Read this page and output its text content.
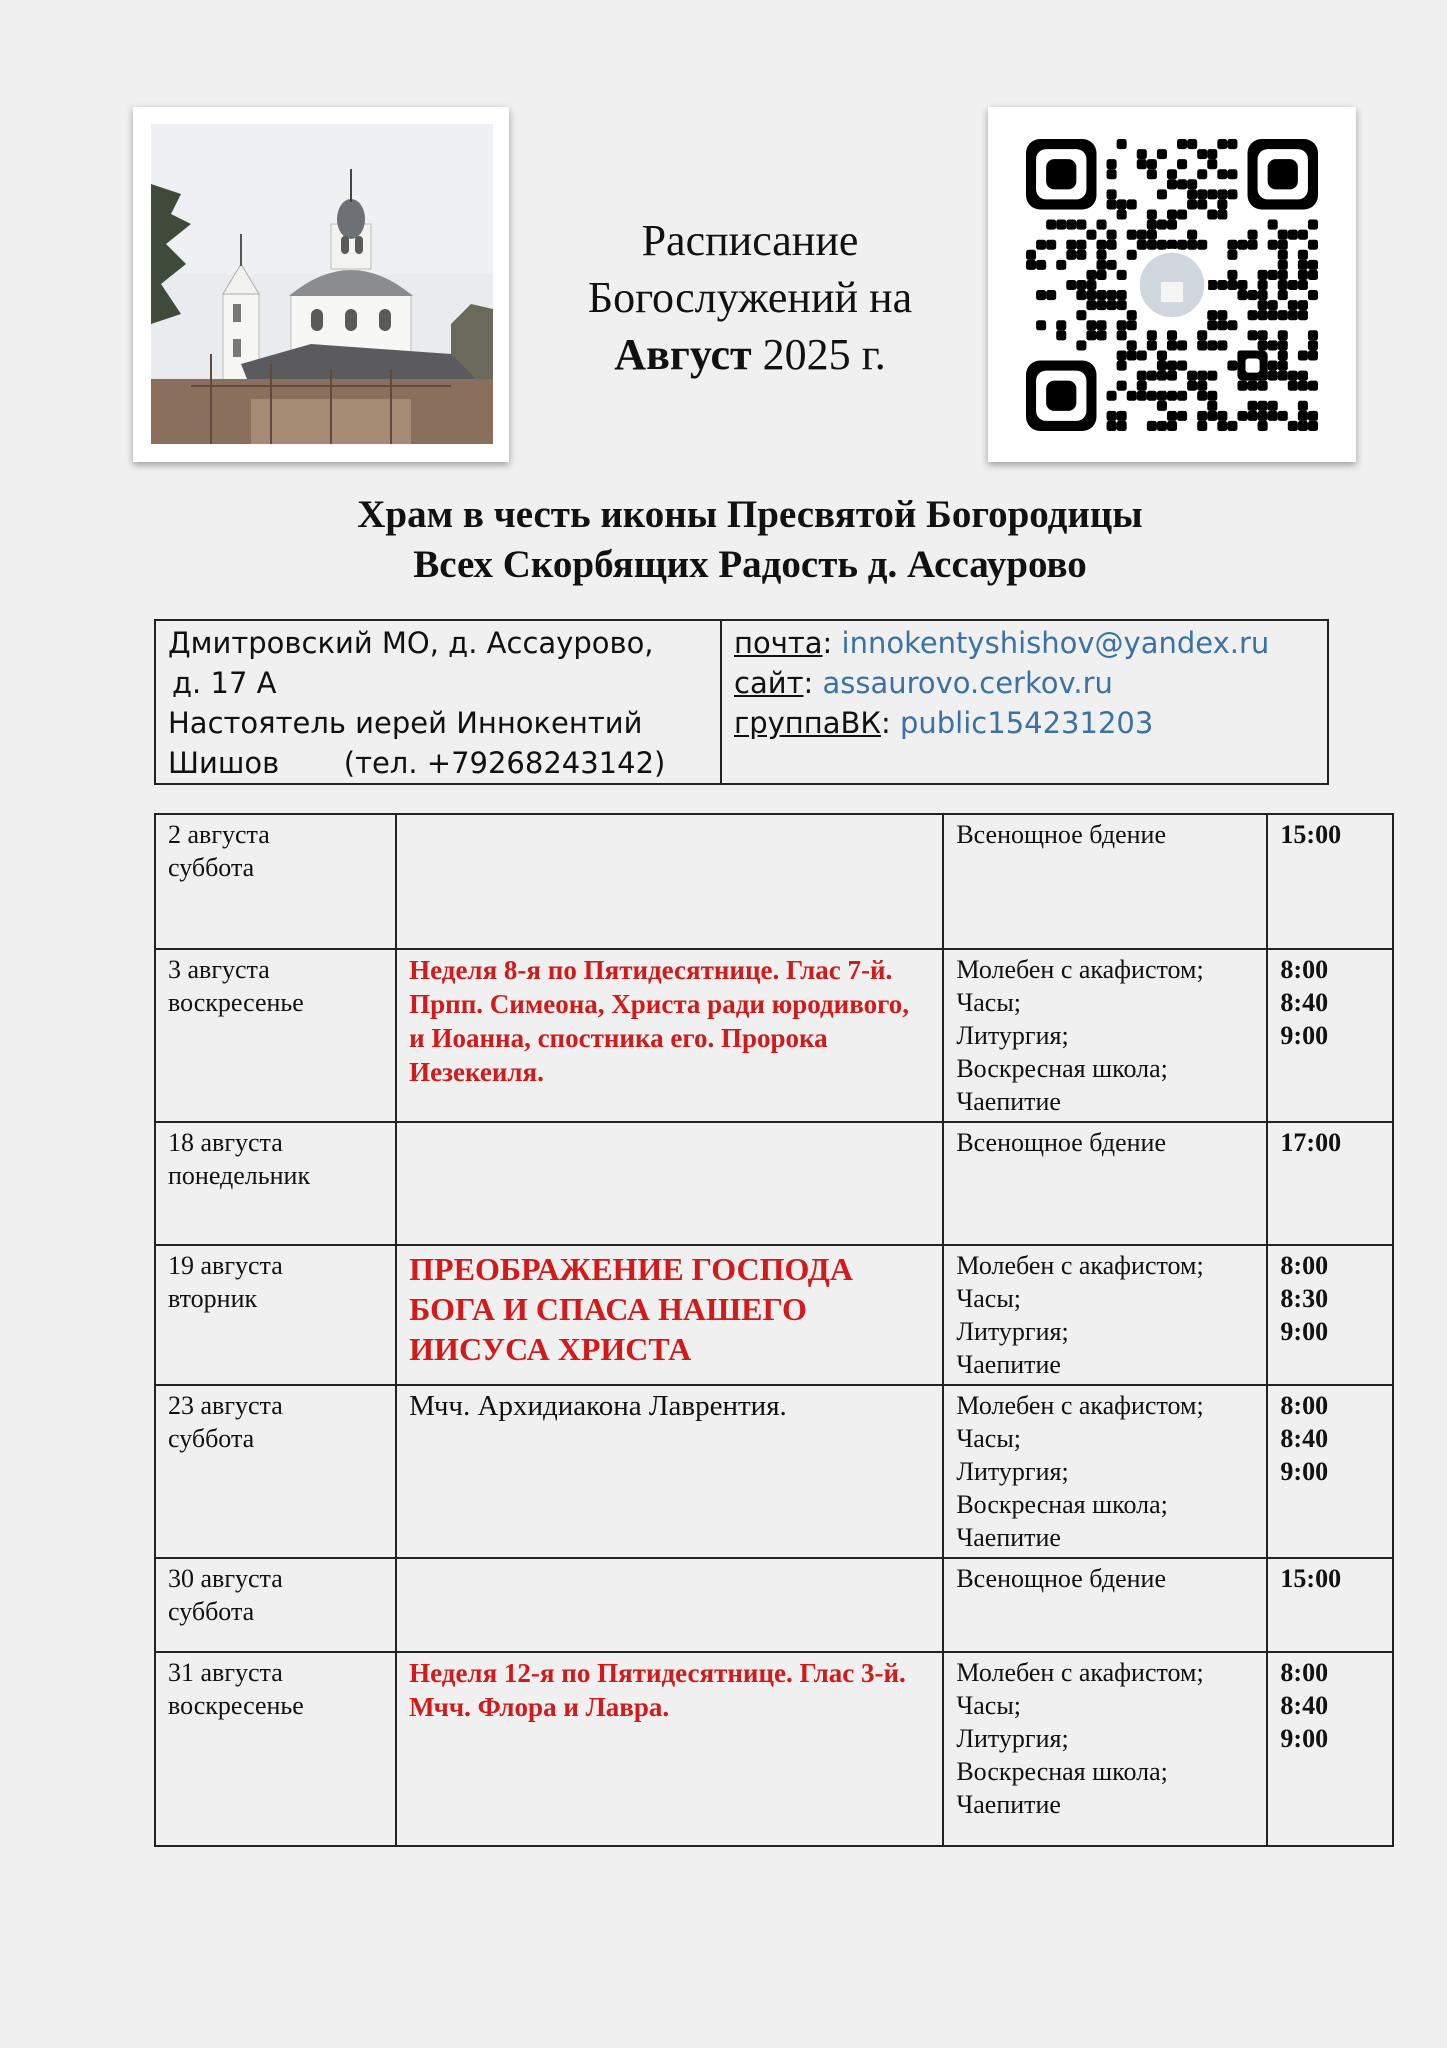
Расписание
Богослужений на
Август 2025 г.
Храм в честь иконы Пресвятой Богородицы
Всех Скорбящих Радость д. Ассаурово
Дмитровский МО, д. Ассаурово,
д. 17 А
Настоятель иерей Иннокентий
Шишов       (тел. +79268243142)

почта: innokentyshishov@yandex.ru
сайт: assaurovo.cerkov.ru
группаВК: public154231203
2 августа
суббота		Всенощное бдение	15:00

3 августа
воскресенье	Неделя 8-я по Пятидесятнице. Глас 7-й. Прпп. Симеона, Христа ради юродивого, и Иоанна, спостника его. Пророка Иезекеиля.	Молебен с акафистом;
Часы;
Литургия;
Воскресная школа;
Чаепитие	8:00
8:40
9:00

18 августа
понедельник		Всенощное бдение	17:00

19 августа
вторник	ПРЕОБРАЖЕНИЕ ГОСПОДА БОГА И СПАСА НАШЕГО ИИСУСА ХРИСТА	Молебен с акафистом;
Часы;
Литургия;
Чаепитие	8:00
8:30
9:00

23 августа
суббота	Мчч. Архидиакона Лаврентия.	Молебен с акафистом;
Часы;
Литургия;
Воскресная школа;
Чаепитие	8:00
8:40
9:00

30 августа
суббота		Всенощное бдение	15:00

31 августа
воскресенье	Неделя 12-я по Пятидесятнице. Глас 3-й. Мчч. Флора и Лавра.	Молебен с акафистом;
Часы;
Литургия;
Воскресная школа;
Чаепитие	8:00
8:40
9:00
